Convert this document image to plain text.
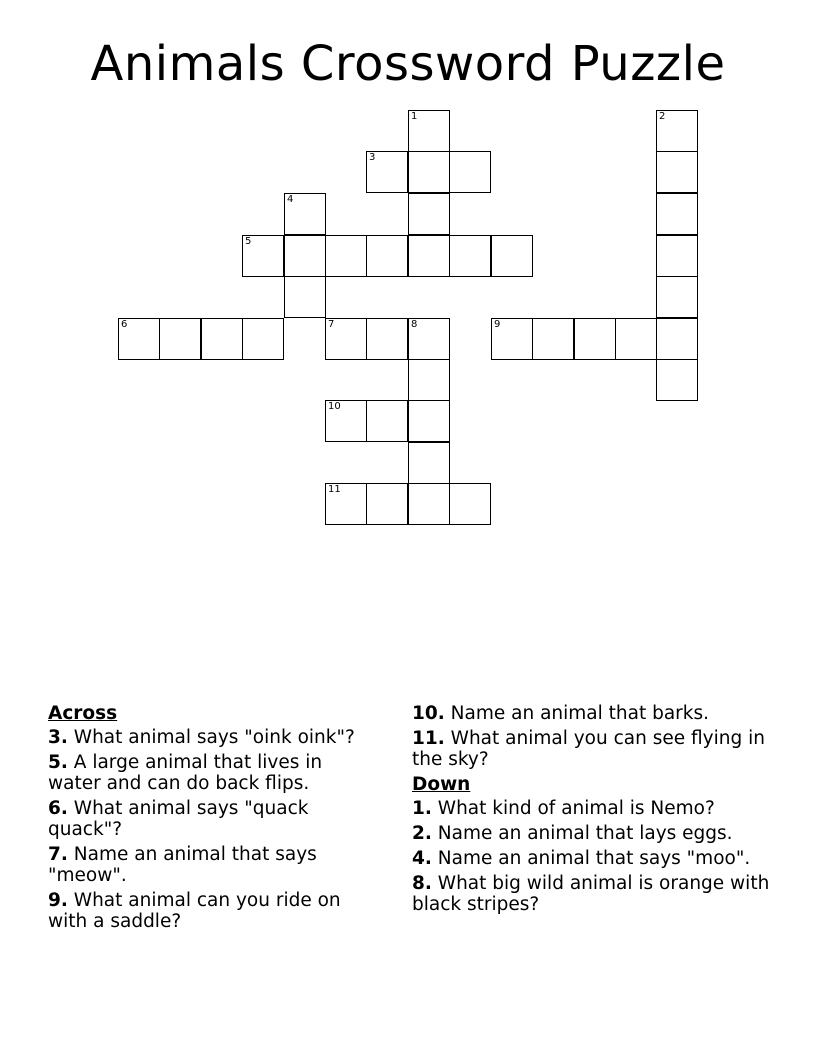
Animals Crossword Puzzle
1	2
3
4
5
6	7	8	9
10
11
Across
3. What animal says "oink oink"?
5. A large animal that lives in water and can do back flips.
6. What animal says "quack quack"?
7. Name an animal that says "meow".
9. What animal can you ride on with a saddle?
10. Name an animal that barks.
11. What animal you can see flying in the sky?
Down
1. What kind of animal is Nemo?
2. Name an animal that lays eggs.
4. Name an animal that says "moo".
8. What big wild animal is orange with black stripes?
